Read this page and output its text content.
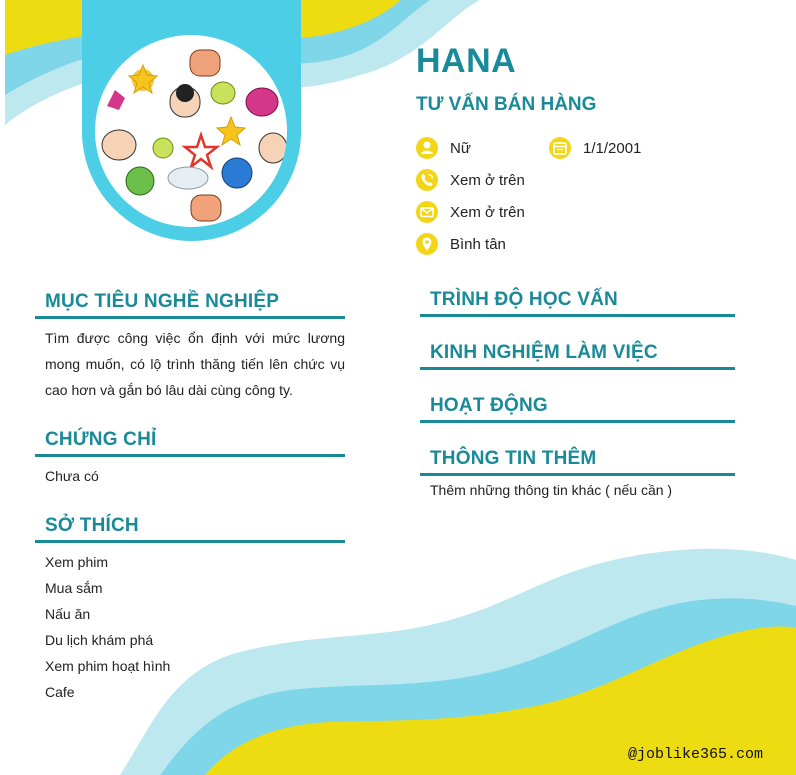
HANA
TƯ VẤN BÁN HÀNG
Nữ	1/1/2001
Xem ở trên
Xem ở trên
Bình tân
MỤC TIÊU NGHỀ NGHIỆP

Tìm được công việc ổn định với mức lương mong muốn, có lộ trình thăng tiến lên chức vụ cao hơn và gắn bó lâu dài cùng công ty.

CHỨNG CHỈ
Chưa có
SỞ THÍCH
Xem phim
Mua sắm
Nấu ăn
Du lịch khám phá
Xem phim hoạt hình
Cafe
TRÌNH ĐỘ HỌC VẤN
KINH NGHIỆM LÀM VIỆC
HOẠT ĐỘNG
THÔNG TIN THÊM
Thêm những thông tin khác ( nếu cần )
@joblike365.com
